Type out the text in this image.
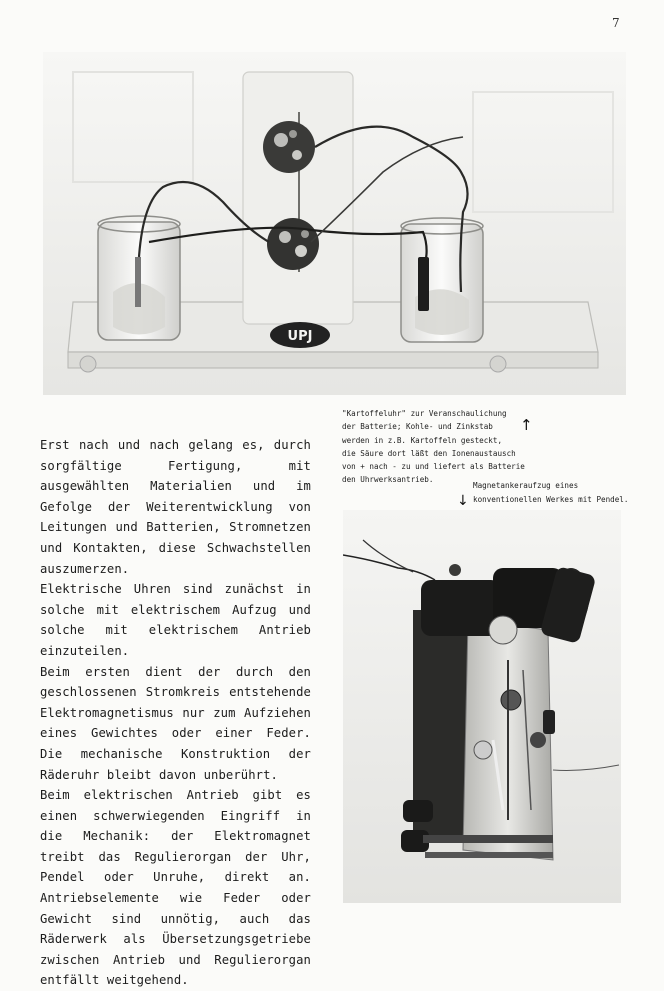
7
UPJ
"Kartoffeluhr" zur Veranschaulichung
der Batterie; Kohle- und Zinkstab
werden in z.B. Kartoffeln gesteckt,
die Säure dort läßt den Ionenaustausch
von + nach - zu und liefert als Batterie
den Uhrwerksantrieb.
↑
Magnetankeraufzug eines
konventionellen Werkes mit Pendel.
↓

Erst nach und nach gelang es, durch sorgfältige Fertigung, mit ausgewählten Materialien und im Gefolge der Weiterentwicklung von Leitungen und Batterien, Stromnetzen und Kontakten, diese Schwachstellen auszumerzen.

Elektrische Uhren sind zunächst in solche mit elektrischem Aufzug und solche mit elektrischem Antrieb einzuteilen.

Beim ersten dient der durch den geschlossenen Stromkreis entstehende Elektromagnetismus nur zum Aufziehen eines Gewichtes oder einer Feder. Die mechanische Konstruktion der Räderuhr bleibt davon unberührt.

Beim elektrischen Antrieb gibt es einen schwerwiegenden Eingriff in die Mechanik: der Elektromagnet treibt das Regulierorgan der Uhr, Pendel oder Unruhe, direkt an. Antriebselemente wie Feder oder Gewicht sind unnötig, auch das Räderwerk als Übersetzungsgetriebe zwischen Antrieb und Regulierorgan entfällt weitgehend.
